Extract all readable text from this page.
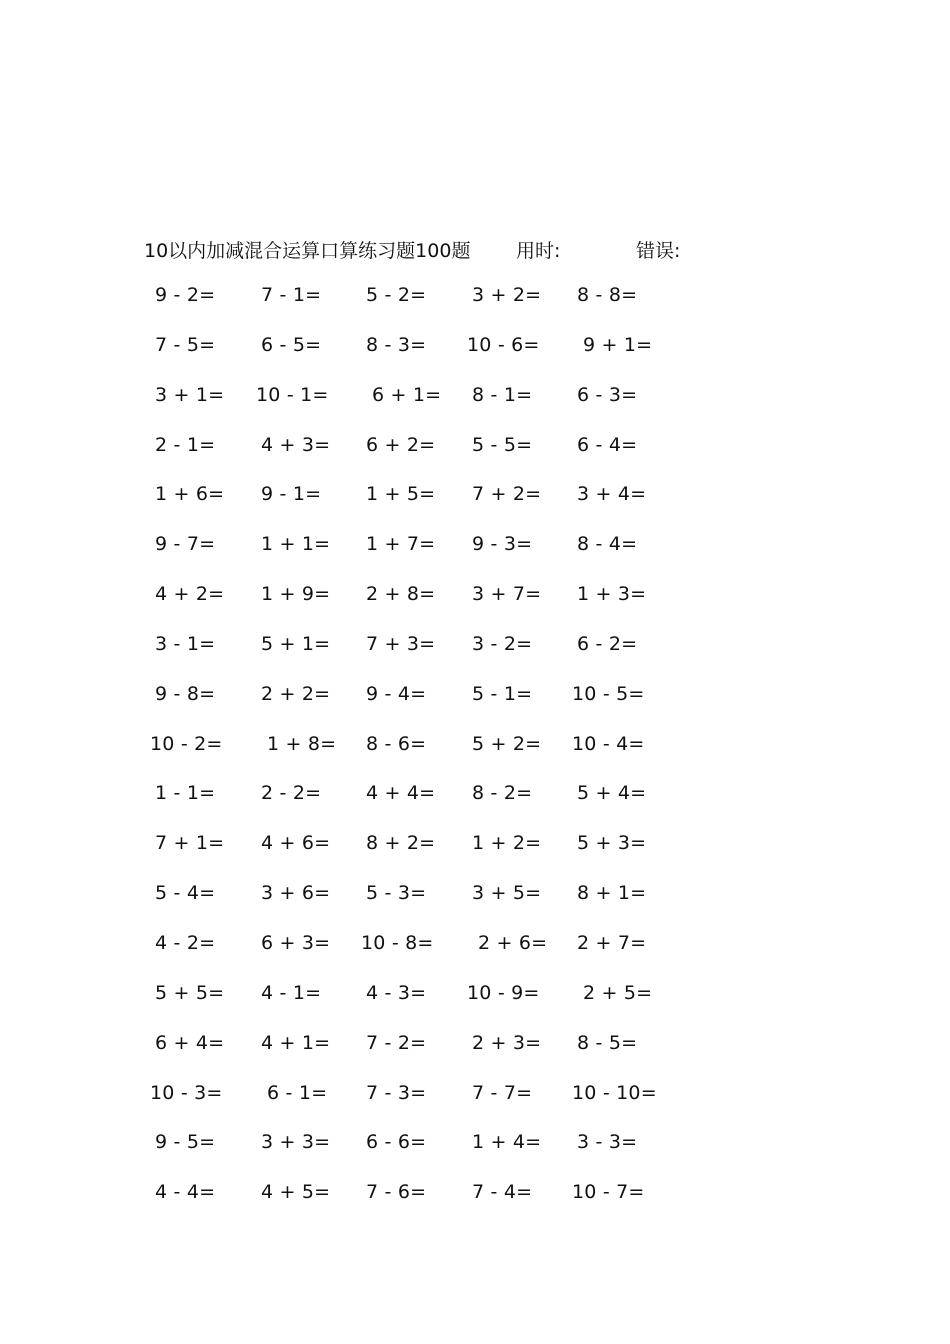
10以内加减混合运算口算练习题100题 用时:	错误:
9 - 2= 7 - 1= 5 - 2= 3 + 2= 8 - 8=
7 - 5= 6 - 5= 8 - 3= 10 - 6= 9 + 1=
3 + 1= 10 - 1= 6 + 1= 8 - 1= 6 - 3=
2 - 1= 4 + 3= 6 + 2= 5 - 5= 6 - 4=
1 + 6= 9 - 1= 1 + 5= 7 + 2= 3 + 4=
9 - 7= 1 + 1= 1 + 7= 9 - 3= 8 - 4=
4 + 2= 1 + 9= 2 + 8= 3 + 7= 1 + 3=
3 - 1= 5 + 1= 7 + 3= 3 - 2= 6 - 2=
9 - 8= 2 + 2= 9 - 4= 5 - 1= 10 - 5=
10 - 2= 1 + 8= 8 - 6= 5 + 2= 10 - 4=
1 - 1= 2 - 2= 4 + 4= 8 - 2= 5 + 4=
7 + 1= 4 + 6= 8 + 2= 1 + 2= 5 + 3=
5 - 4= 3 + 6= 5 - 3= 3 + 5= 8 + 1=
4 - 2= 6 + 3= 10 - 8= 2 + 6= 2 + 7=
5 + 5= 4 - 1= 4 - 3= 10 - 9= 2 + 5=
6 + 4= 4 + 1= 7 - 2= 2 + 3= 8 - 5=
10 - 3= 6 - 1= 7 - 3= 7 - 7= 10 - 10=
9 - 5= 3 + 3= 6 - 6= 1 + 4= 3 - 3=
4 - 4= 4 + 5= 7 - 6= 7 - 4= 10 - 7=
